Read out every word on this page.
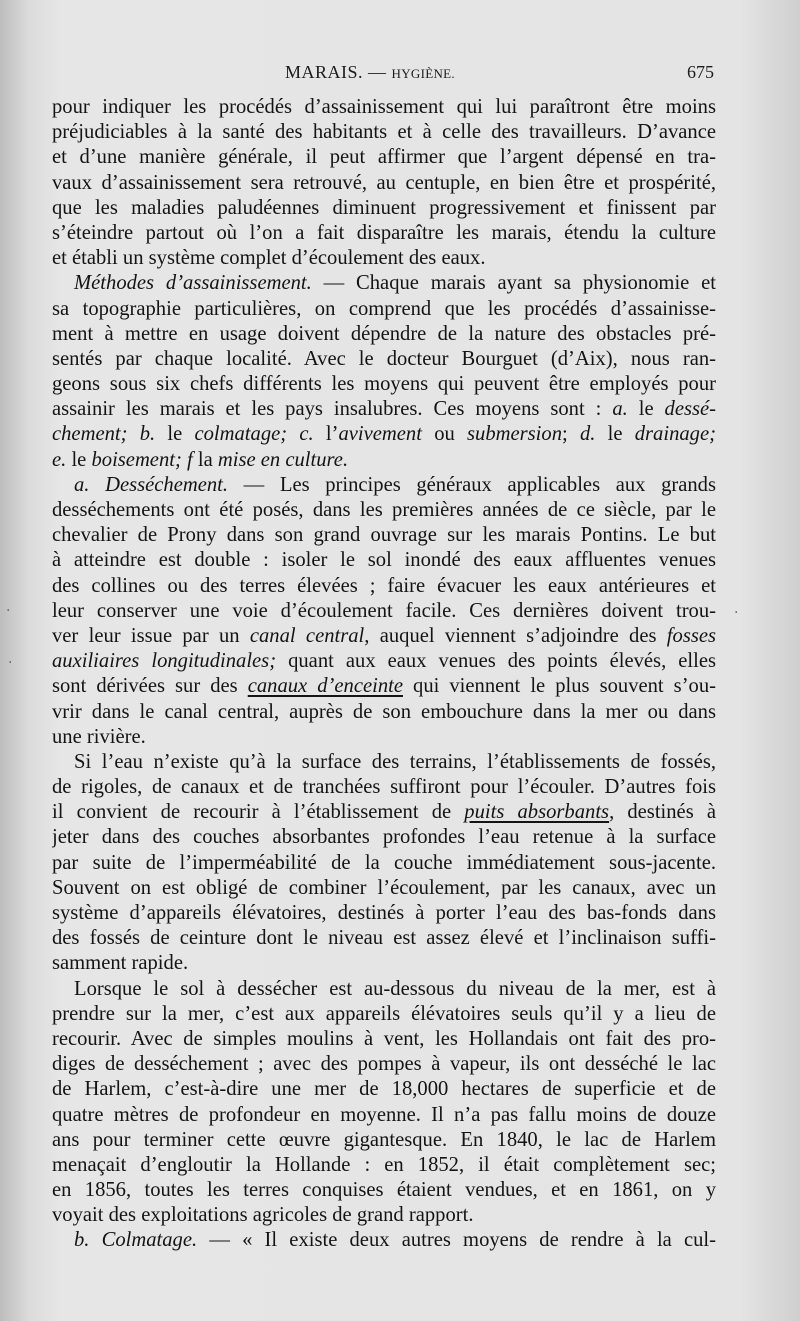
MARAIS. — HYGIÈNE.	675
pour indiquer les procédés d’assainissement qui lui paraîtront être moins
préjudiciables à la santé des habitants et à celle des travailleurs. D’avance
et d’une manière générale, il peut affirmer que l’argent dépensé en tra-
vaux d’assainissement sera retrouvé, au centuple, en bien être et prospérité,
que les maladies paludéennes diminuent progressivement et finissent par
s’éteindre partout où l’on a fait disparaître les marais, étendu la culture
et établi un système complet d’écoulement des eaux.
Méthodes d’assainissement. — Chaque marais ayant sa physionomie et
sa topographie particulières, on comprend que les procédés d’assainisse-
ment à mettre en usage doivent dépendre de la nature des obstacles pré-
sentés par chaque localité. Avec le docteur Bourguet (d’Aix), nous ran-
geons sous six chefs différents les moyens qui peuvent être employés pour
assainir les marais et les pays insalubres. Ces moyens sont : a. le dessé-
chement; b. le colmatage; c. l’avivement ou submersion; d. le drainage;
e. le boisement; f la mise en culture.
a. Desséchement. — Les principes généraux applicables aux grands
desséchements ont été posés, dans les premières années de ce siècle, par le
chevalier de Prony dans son grand ouvrage sur les marais Pontins. Le but
à atteindre est double : isoler le sol inondé des eaux affluentes venues
des collines ou des terres élevées ; faire évacuer les eaux antérieures et
leur conserver une voie d’écoulement facile. Ces dernières doivent trou-
ver leur issue par un canal central, auquel viennent s’adjoindre des fosses
auxiliaires longitudinales; quant aux eaux venues des points élevés, elles
sont dérivées sur des canaux d’enceinte qui viennent le plus souvent s’ou-
vrir dans le canal central, auprès de son embouchure dans la mer ou dans
une rivière.
Si l’eau n’existe qu’à la surface des terrains, l’établissements de fossés,
de rigoles, de canaux et de tranchées suffiront pour l’écouler. D’autres fois
il convient de recourir à l’établissement de puits absorbants, destinés à
jeter dans des couches absorbantes profondes l’eau retenue à la surface
par suite de l’imperméabilité de la couche immédiatement sous-jacente.
Souvent on est obligé de combiner l’écoulement, par les canaux, avec un
système d’appareils élévatoires, destinés à porter l’eau des bas-fonds dans
des fossés de ceinture dont le niveau est assez élevé et l’inclinaison suffi-
samment rapide.
Lorsque le sol à dessécher est au-dessous du niveau de la mer, est à
prendre sur la mer, c’est aux appareils élévatoires seuls qu’il y a lieu de
recourir. Avec de simples moulins à vent, les Hollandais ont fait des pro-
diges de desséchement ; avec des pompes à vapeur, ils ont desséché le lac
de Harlem, c’est-à-dire une mer de 18,000 hectares de superficie et de
quatre mètres de profondeur en moyenne. Il n’a pas fallu moins de douze
ans pour terminer cette œuvre gigantesque. En 1840, le lac de Harlem
menaçait d’engloutir la Hollande : en 1852, il était complètement sec;
en 1856, toutes les terres conquises étaient vendues, et en 1861, on y
voyait des exploitations agricoles de grand rapport.
b. Colmatage. — « Il existe deux autres moyens de rendre à la cul-
·
·
·
